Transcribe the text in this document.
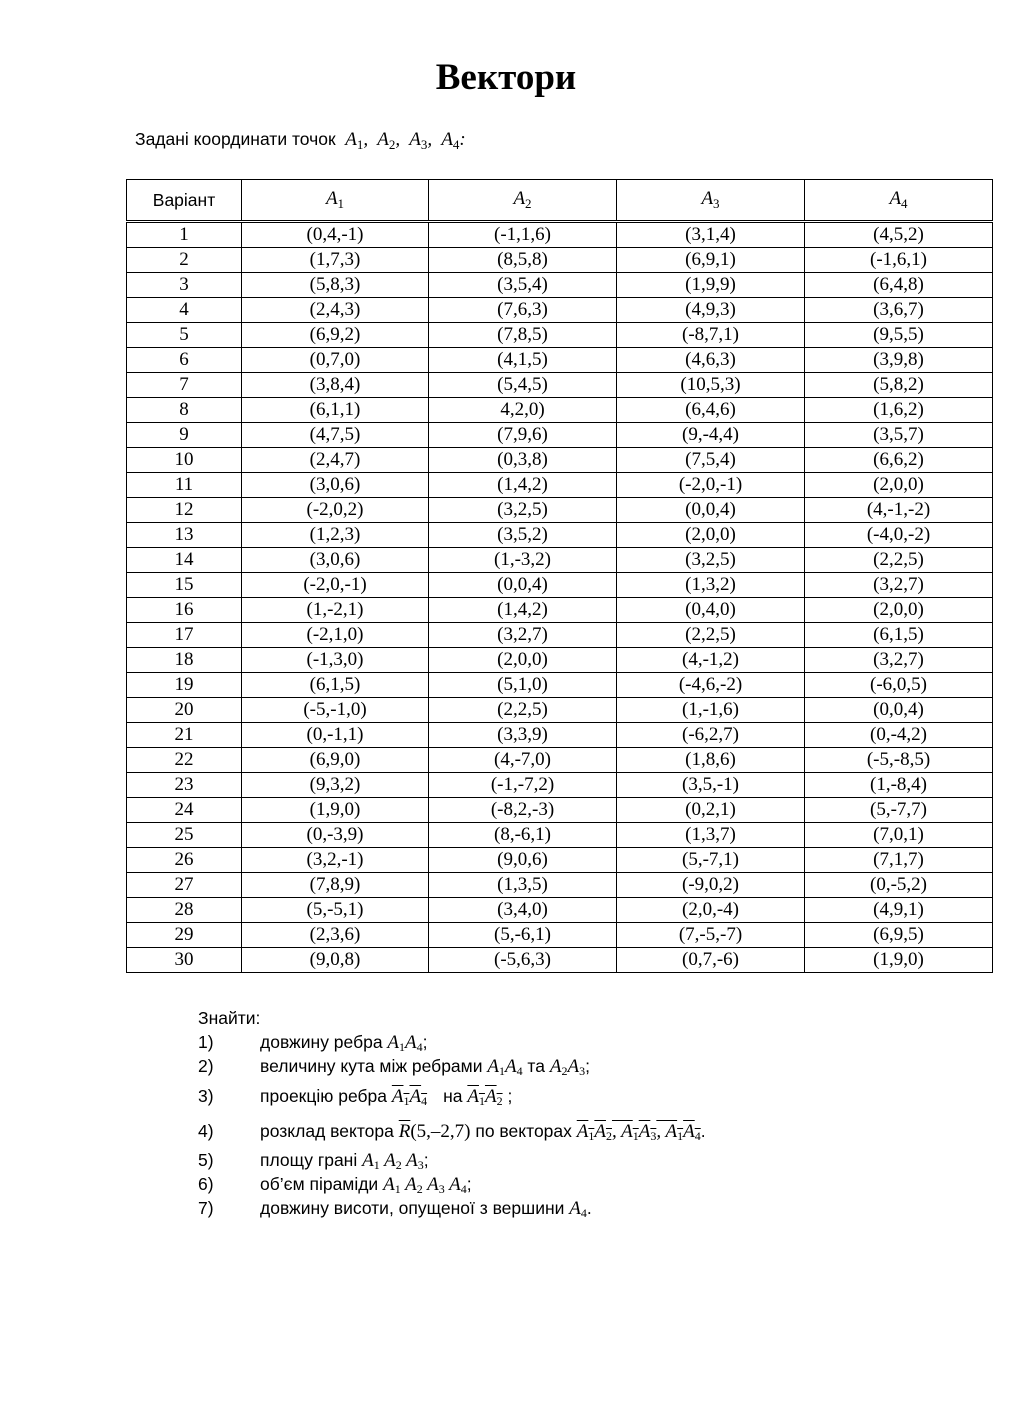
Вектори
Задані координати точок $A_1$,  $A_2$,  $A_3$,  $A_4$:
Варіант	$A_1$	$A_2$	$A_3$	$A_4$
1	(0,4,-1)	(-1,1,6)	(3,1,4)	(4,5,2)
2	(1,7,3)	(8,5,8)	(6,9,1)	(-1,6,1)
3	(5,8,3)	(3,5,4)	(1,9,9)	(6,4,8)
4	(2,4,3)	(7,6,3)	(4,9,3)	(3,6,7)
5	(6,9,2)	(7,8,5)	(-8,7,1)	(9,5,5)
6	(0,7,0)	(4,1,5)	(4,6,3)	(3,9,8)
7	(3,8,4)	(5,4,5)	(10,5,3)	(5,8,2)
8	(6,1,1)	4,2,0)	(6,4,6)	(1,6,2)
9	(4,7,5)	(7,9,6)	(9,-4,4)	(3,5,7)
10	(2,4,7)	(0,3,8)	(7,5,4)	(6,6,2)
11	(3,0,6)	(1,4,2)	(-2,0,-1)	(2,0,0)
12	(-2,0,2)	(3,2,5)	(0,0,4)	(4,-1,-2)
13	(1,2,3)	(3,5,2)	(2,0,0)	(-4,0,-2)
14	(3,0,6)	(1,-3,2)	(3,2,5)	(2,2,5)
15	(-2,0,-1)	(0,0,4)	(1,3,2)	(3,2,7)
16	(1,-2,1)	(1,4,2)	(0,4,0)	(2,0,0)
17	(-2,1,0)	(3,2,7)	(2,2,5)	(6,1,5)
18	(-1,3,0)	(2,0,0)	(4,-1,2)	(3,2,7)
19	(6,1,5)	(5,1,0)	(-4,6,-2)	(-6,0,5)
20	(-5,-1,0)	(2,2,5)	(1,-1,6)	(0,0,4)
21	(0,-1,1)	(3,3,9)	(-6,2,7)	(0,-4,2)
22	(6,9,0)	(4,-7,0)	(1,8,6)	(-5,-8,5)
23	(9,3,2)	(-1,-7,2)	(3,5,-1)	(1,-8,4)
24	(1,9,0)	(-8,2,-3)	(0,2,1)	(5,-7,7)
25	(0,-3,9)	(8,-6,1)	(1,3,7)	(7,0,1)
26	(3,2,-1)	(9,0,6)	(5,-7,1)	(7,1,7)
27	(7,8,9)	(1,3,5)	(-9,0,2)	(0,-5,2)
28	(5,-5,1)	(3,4,0)	(2,0,-4)	(4,9,1)
29	(2,3,6)	(5,-6,1)	(7,-5,-7)	(6,9,5)
30	(9,0,8)	(-5,6,3)	(0,7,-6)	(1,9,0)
Знайти:
1)	довжину ребра $A_1A_4$;
2)	величину кута між ребрами $A_1A_4$ та $A_2A_3$;
3)	проекцію ребра $A_1A_4$ на $A_1A_2$ ;
4)	розклад вектора $\overline{R}(5,-2,7)$ по векторах $A_1A_2$, $A_1A_3$, $A_1A_4$.
5)	площу грані $A_1$ $A_2$ $A_3$;
6)	об’єм піраміди $A_1$ $A_2$ $A_3$ $A_4$;
7)	довжину висоти, опущеної з вершини $A_4$.
